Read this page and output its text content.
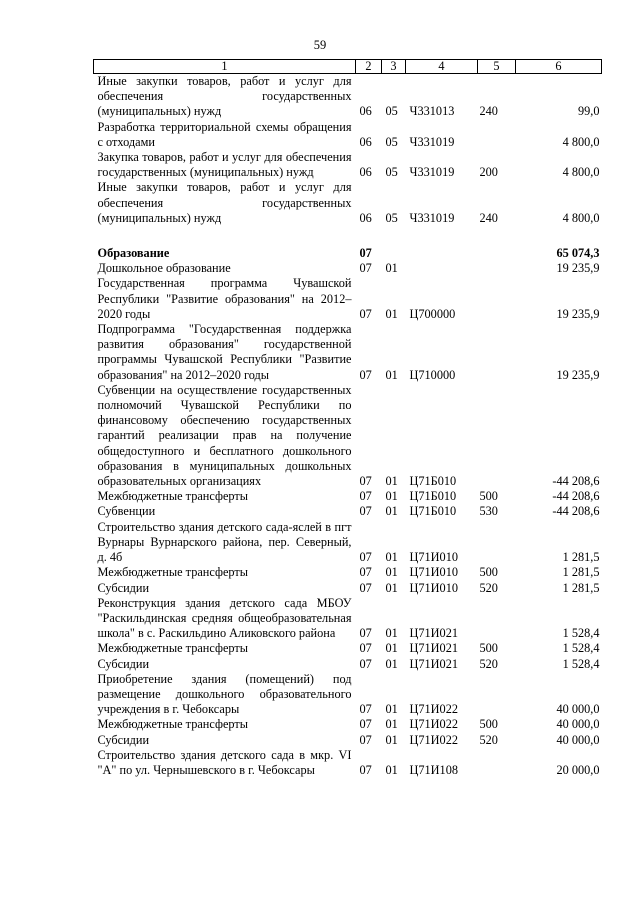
59
1	2	3	4	5	6
Иные закупки товаров, работ и услуг для обеспечения государственных (муниципальных) нужд	06	05	Ч331013	240	99,0
Разработка территориальной схемы обращения с отходами	06	05	Ч331019		4 800,0
Закупка товаров, работ и услуг для обеспечения государственных (муниципальных) нужд	06	05	Ч331019	200	4 800,0
Иные закупки товаров, работ и услуг для обеспечения государственных (муниципальных) нужд	06	05	Ч331019	240	4 800,0

Образование	07				65 074,3
Дошкольное образование	07	01			19 235,9
Государственная программа Чувашской Республики "Развитие образования" на 2012–2020 годы	07	01	Ц700000		19 235,9
Подпрограмма "Государственная поддержка развития образования" государственной программы Чувашской Республики "Развитие образования" на 2012–2020 годы	07	01	Ц710000		19 235,9
Субвенции на осуществление государственных полномочий Чувашской Республики по финансовому обеспечению государственных гарантий реализации прав на получение общедоступного и бесплатного дошкольного образования в муниципальных дошкольных образовательных организациях	07	01	Ц71Б010		-44 208,6
Межбюджетные трансферты	07	01	Ц71Б010	500	-44 208,6
Субвенции	07	01	Ц71Б010	530	-44 208,6
Строительство здания детского сада-яслей в пгт Вурнары Вурнарского района, пер. Северный, д. 4б	07	01	Ц71И010		1 281,5
Межбюджетные трансферты	07	01	Ц71И010	500	1 281,5
Субсидии	07	01	Ц71И010	520	1 281,5
Реконструкция здания детского сада МБОУ "Раскильдинская средняя общеобразовательная школа" в с. Раскильдино Аликовского района	07	01	Ц71И021		1 528,4
Межбюджетные трансферты	07	01	Ц71И021	500	1 528,4
Субсидии	07	01	Ц71И021	520	1 528,4
Приобретение здания (помещений) под размещение дошкольного образовательного учреждения в г. Чебоксары	07	01	Ц71И022		40 000,0
Межбюджетные трансферты	07	01	Ц71И022	500	40 000,0
Субсидии	07	01	Ц71И022	520	40 000,0
Строительство здания детского сада в мкр. VI "А" по ул. Чернышевского в г. Чебоксары	07	01	Ц71И108		20 000,0
